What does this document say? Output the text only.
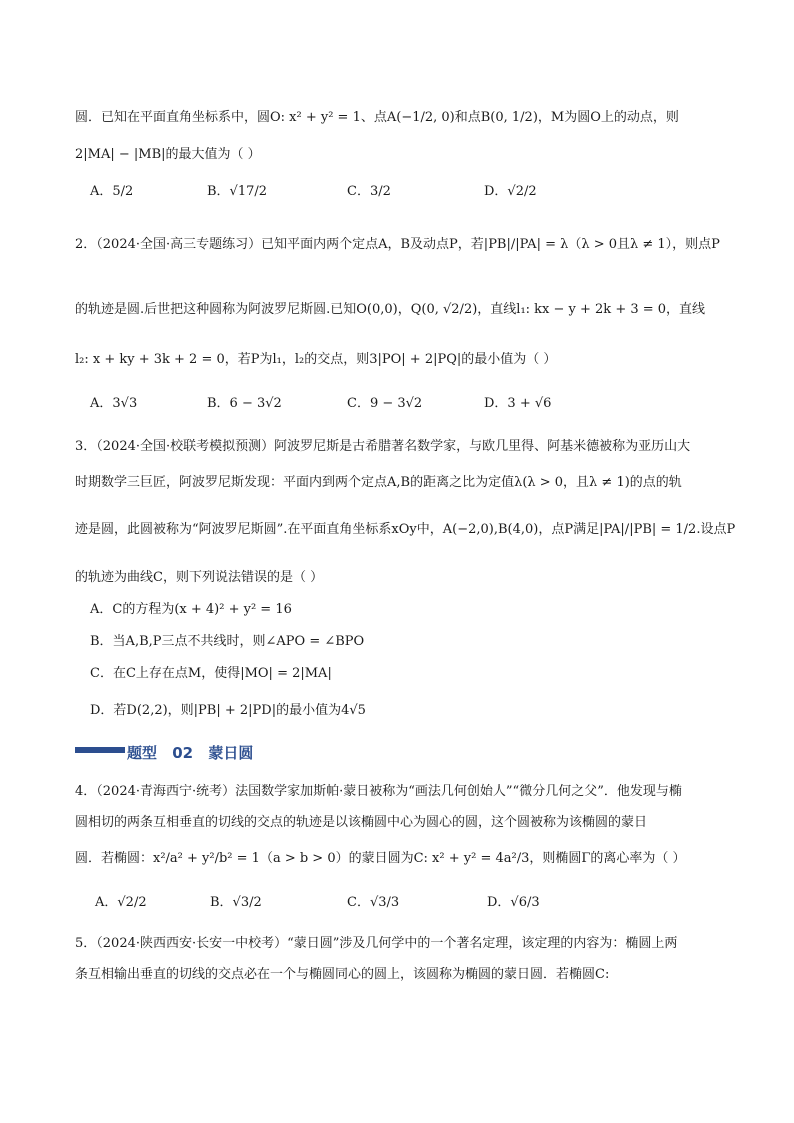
圆．已知在平面直角坐标系中，圆O: x² + y² = 1、点A(−1/2, 0)和点B(0, 1/2)，M为圆O上的动点，则
2|MA| − |MB|的最大值为（ ）
A．5/2	B．√17/2	C．3/2	D．√2/2
2．（2024·全国·高三专题练习）已知平面内两个定点A，B及动点P，若|PB|/|PA| = λ（λ > 0且λ ≠ 1），则点P
的轨迹是圆.后世把这种圆称为阿波罗尼斯圆.已知O(0,0)，Q(0, √2/2)，直线l₁: kx − y + 2k + 3 = 0，直线
l₂: x + ky + 3k + 2 = 0，若P为l₁，l₂的交点，则3|PO| + 2|PQ|的最小值为（ ）
A．3√3	B．6 − 3√2	C．9 − 3√2	D．3 + √6
3．（2024·全国·校联考模拟预测）阿波罗尼斯是古希腊著名数学家，与欧几里得、阿基米德被称为亚历山大
时期数学三巨匠，阿波罗尼斯发现：平面内到两个定点A,B的距离之比为定值λ(λ > 0，且λ ≠ 1)的点的轨
迹是圆，此圆被称为“阿波罗尼斯圆”.在平面直角坐标系xOy中，A(−2,0),B(4,0)，点P满足|PA|/|PB| = 1/2.设点P
的轨迹为曲线C，则下列说法错误的是（ ）
A．C的方程为(x + 4)² + y² = 16
B．当A,B,P三点不共线时，则∠APO = ∠BPO
C．在C上存在点M，使得|MO| = 2|MA|
D．若D(2,2)，则|PB| + 2|PD|的最小值为4√5
题型 02 蒙日圆
4．（2024·青海西宁·统考）法国数学家加斯帕·蒙日被称为“画法几何创始人”“微分几何之父”．他发现与椭
圆相切的两条互相垂直的切线的交点的轨迹是以该椭圆中心为圆心的圆，这个圆被称为该椭圆的蒙日
圆．若椭圆：x²/a² + y²/b² = 1（a > b > 0）的蒙日圆为C: x² + y² = 4a²/3，则椭圆Γ的离心率为（ ）
A．√2/2	B．√3/2	C．√3/3	D．√6/3
5．（2024·陕西西安·长安一中校考）“蒙日圆”涉及几何学中的一个著名定理，该定理的内容为：椭圆上两
条互相输出垂直的切线的交点必在一个与椭圆同心的圆上，该圆称为椭圆的蒙日圆．若椭圆C:
